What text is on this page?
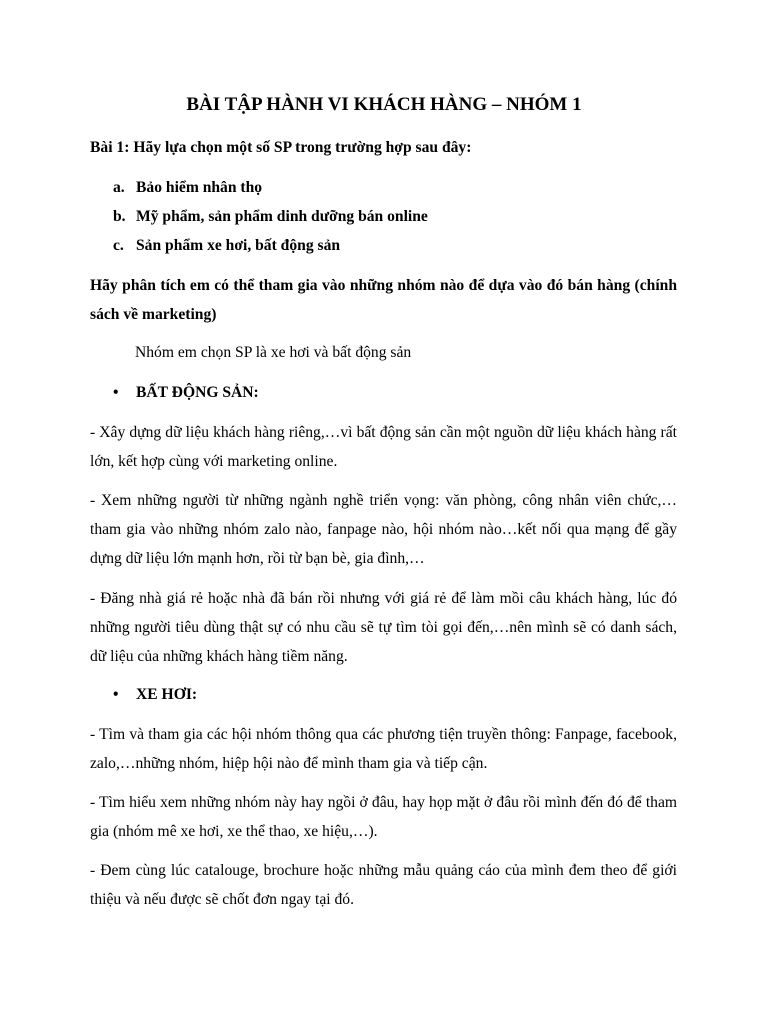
BÀI TẬP HÀNH VI KHÁCH HÀNG – NHÓM 1
Bài 1: Hãy lựa chọn một số SP trong trường hợp sau đây:
a. Bảo hiểm nhân thọ
b. Mỹ phẩm, sản phẩm dinh dưỡng bán online
c. Sản phẩm xe hơi, bất động sản
Hãy phân tích em có thể tham gia vào những nhóm nào để dựa vào đó bán hàng (chính sách về marketing)
Nhóm em chọn SP là xe hơi và bất động sản
• BẤT ĐỘNG SẢN:
- Xây dựng dữ liệu khách hàng riêng,…vì bất động sản cần một nguồn dữ liệu khách hàng rất lớn, kết hợp cùng với marketing online.
- Xem những người từ những ngành nghề triển vọng: văn phòng, công nhân viên chức,… tham gia vào những nhóm zalo nào, fanpage nào, hội nhóm nào…kết nối qua mạng để gầy dựng dữ liệu lớn mạnh hơn, rồi từ bạn bè, gia đình,…
- Đăng nhà giá rẻ hoặc nhà đã bán rồi nhưng với giá rẻ để làm mồi câu khách hàng, lúc đó những người tiêu dùng thật sự có nhu cầu sẽ tự tìm tòi gọi đến,…nên mình sẽ có danh sách, dữ liệu của những khách hàng tiềm năng.
• XE HƠI:
- Tìm và tham gia các hội nhóm thông qua các phương tiện truyền thông: Fanpage, facebook, zalo,…những nhóm, hiệp hội nào để mình tham gia và tiếp cận.
- Tìm hiểu xem những nhóm này hay ngồi ở đâu, hay họp mặt ở đâu rồi mình đến đó để tham gia (nhóm mê xe hơi, xe thể thao, xe hiệu,…).
- Đem cùng lúc catalouge, brochure hoặc những mẫu quảng cáo của mình đem theo để giới thiệu và nếu được sẽ chốt đơn ngay tại đó.
